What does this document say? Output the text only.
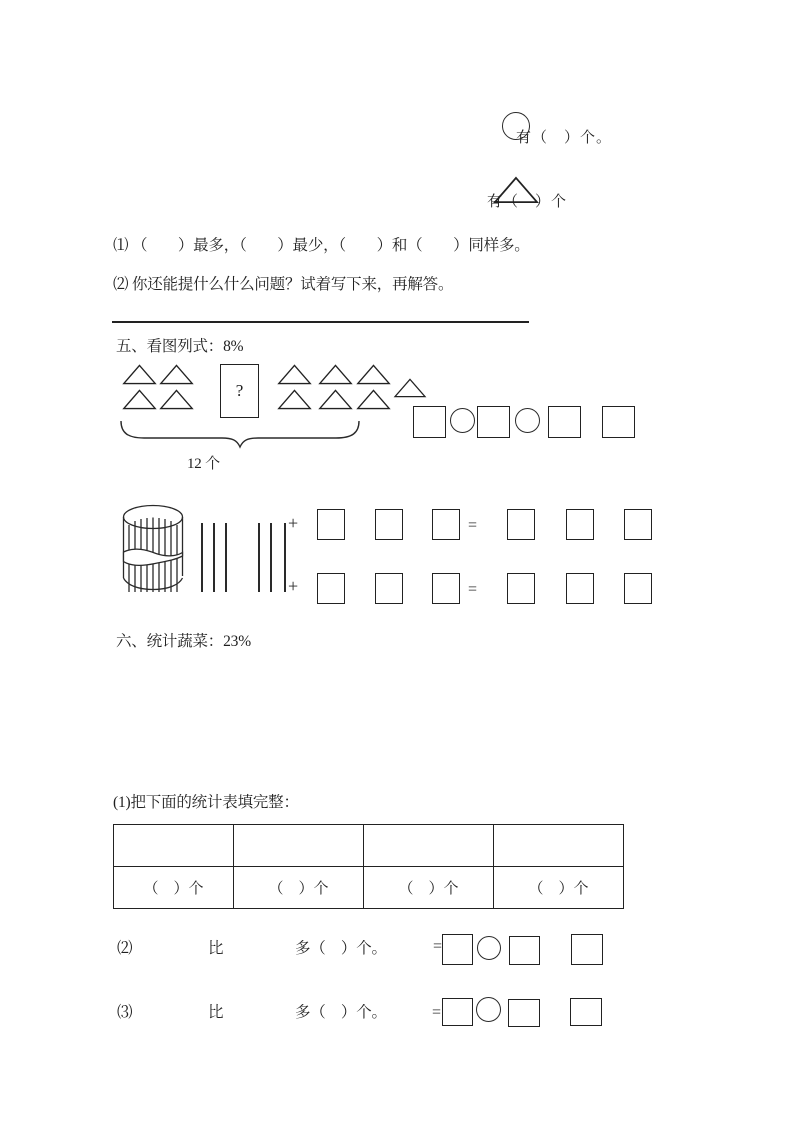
有（　）个。
有（　）个
⑴ （　　）最多，（　　）最少，（　　）和（　　）同样多。
⑵ 你还能提什么什么问题？试着写下来，再解答。
五、看图列式：8%
?
12 个
+
+
=
=
六、统计蔬菜：23%
(1)把下面的统计表填完整：

（　）个	（　）个	（　）个	（　）个
⑵	比	多（　）个。	=
⑶	比	多（　）个。	=
